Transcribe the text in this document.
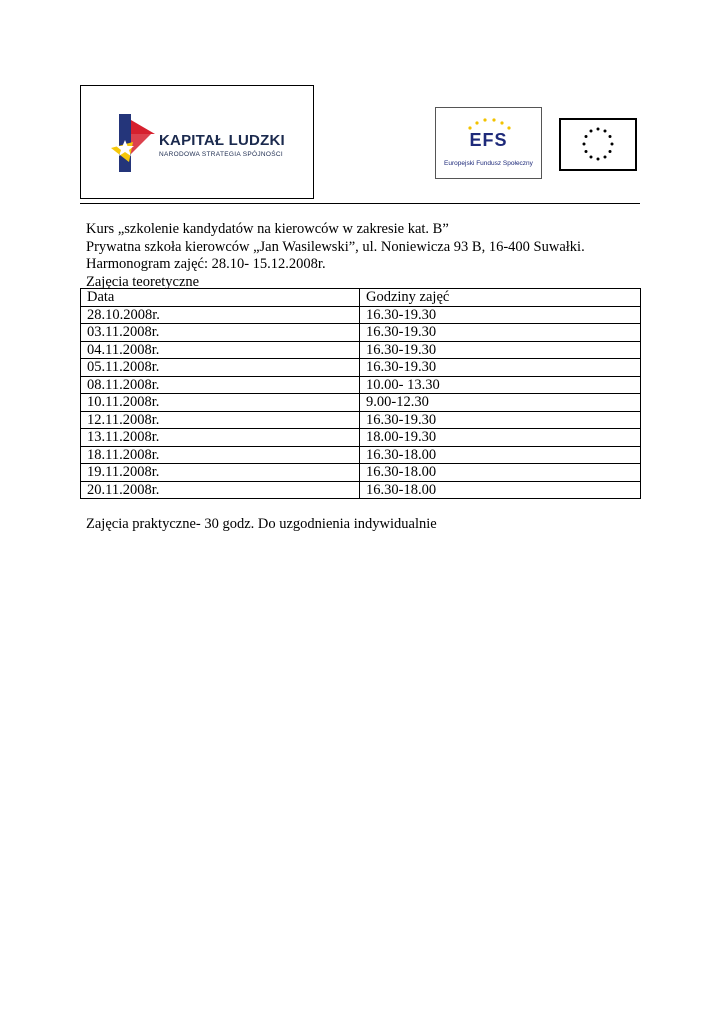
KAPITAŁ LUDZKI
NARODOWA STRATEGIA SPÓJNOŚCI
EFS
Europejski Fundusz Społeczny
Kurs „szkolenie kandydatów na kierowców w zakresie kat. B”
Prywatna szkoła kierowców „Jan Wasilewski”, ul. Noniewicza 93 B, 16-400 Suwałki.
Harmonogram zajęć: 28.10- 15.12.2008r.
Zajęcia teoretyczne
Data	Godziny zajęć
28.10.2008r.	16.30-19.30
03.11.2008r.	16.30-19.30
04.11.2008r.	16.30-19.30
05.11.2008r.	16.30-19.30
08.11.2008r.	10.00- 13.30
10.11.2008r.	9.00-12.30
12.11.2008r.	16.30-19.30
13.11.2008r.	18.00-19.30
18.11.2008r.	16.30-18.00
19.11.2008r.	16.30-18.00
20.11.2008r.	16.30-18.00
Zajęcia praktyczne- 30 godz. Do uzgodnienia indywidualnie
